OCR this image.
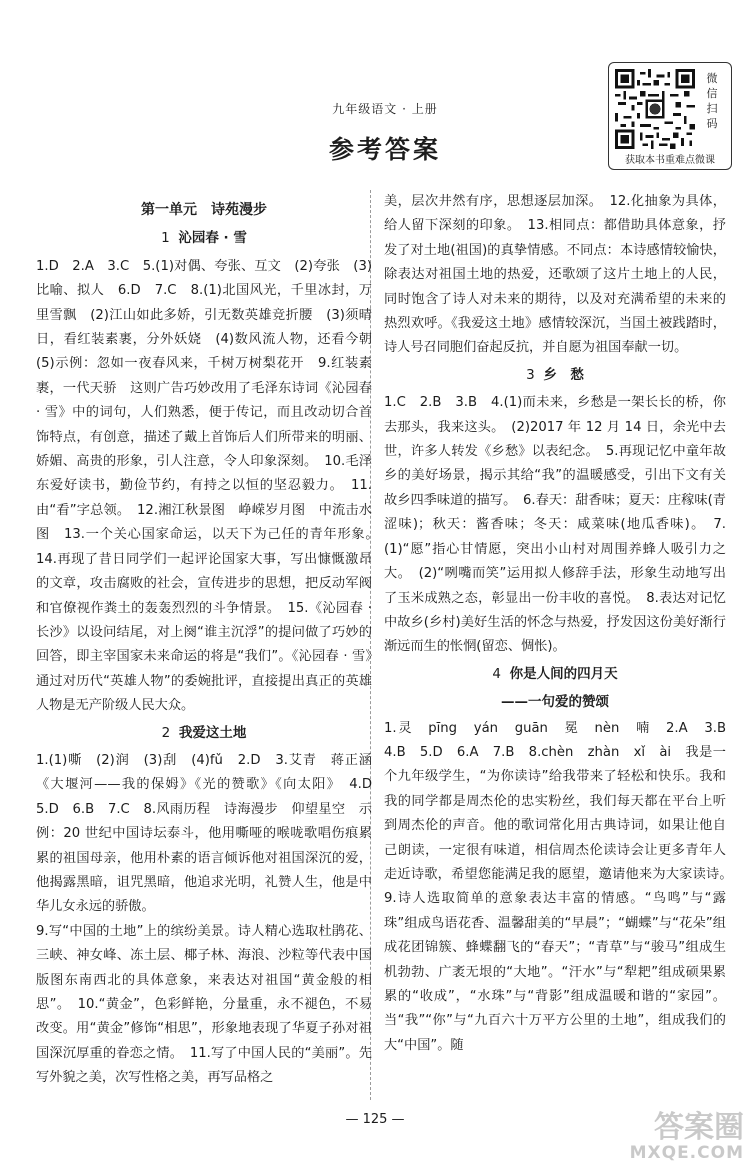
九年级语文 · 上册
参考答案
微
信
扫
码
获取本书重难点微课
第一单元　诗苑漫步
1 沁园春 · 雪

1.D　2.A　3.C　5.(1)对偶、夸张、互文　(2)夸张　(3)比喻、拟人　6.D　7.C　8.(1)北国风光，千里冰封，万里雪飘　(2)江山如此多娇，引无数英雄竞折腰　(3)须晴日，看红装素裹，分外妖娆　(4)数风流人物，还看今朝　(5)示例：忽如一夜春风来，千树万树梨花开　9.红装素裹，一代天骄　这则广告巧妙改用了毛泽东诗词《沁园春 · 雪》中的词句，人们熟悉，便于传记，而且改动切合首饰特点，有创意，描述了戴上首饰后人们所带来的明丽、娇媚、高贵的形象，引人注意，令人印象深刻。　10.毛泽东爱好读书，勤俭节约，有持之以恒的坚忍毅力。　11.由“看”字总领。　12.湘江秋景图　峥嵘岁月图　中流击水图　13.一个关心国家命运，以天下为己任的青年形象。　14.再现了昔日同学们一起评论国家大事，写出慷慨激昂的文章，攻击腐败的社会，宣传进步的思想，把反动军阀和官僚视作粪土的轰轰烈烈的斗争情景。　15.《沁园春 · 长沙》以设问结尾，对上阕“谁主沉浮”的提问做了巧妙的回答，即主宰国家未来命运的将是“我们”。《沁园春 · 雪》通过对历代“英雄人物”的委婉批评，直接提出真正的英雄人物是无产阶级人民大众。

2 我爱这土地

1.(1)嘶　(2)润　(3)刮　(4)fǔ　2.D　3.艾青　蒋正涵　《大堰河——我的保姆》《光的赞歌》《向太阳》　4.D　5.D　6.B　7.C　8.风雨历程　诗海漫步　仰望星空　示例：20 世纪中国诗坛泰斗，他用嘶哑的喉咙歌唱伤痕累累的祖国母亲，他用朴素的语言倾诉他对祖国深沉的爱，他揭露黑暗，诅咒黑暗，他追求光明，礼赞人生，他是中华儿女永远的骄傲。

9.写“中国的土地”上的缤纷美景。诗人精心选取杜鹃花、三峡、神女峰、冻土层、椰子林、海浪、沙粒等代表中国版图东南西北的具体意象，来表达对祖国“黄金般的相思”。　10.“黄金”，色彩鲜艳，分量重，永不褪色，不易改变。用“黄金”修饰“相思”，形象地表现了华夏子孙对祖国深沉厚重的眷恋之情。　11.写了中国人民的“美丽”。先写外貌之美，次写性格之美，再写品格之

美，层次井然有序，思想逐层加深。　12.化抽象为具体，给人留下深刻的印象。　13.相同点：都借助具体意象，抒发了对土地(祖国)的真挚情感。不同点：本诗感情较愉快，除表达对祖国土地的热爱，还歌颂了这片土地上的人民，同时饱含了诗人对未来的期待，以及对充满希望的未来的热烈欢呼。《我爱这土地》感情较深沉，当国土被践踏时，诗人号召同胞们奋起反抗，并自愿为祖国奉献一切。

3 乡　愁

1.C　2.B　3.B　4.(1)而未来，乡愁是一架长长的桥，你去那头，我来这头。　(2)2017 年 12 月 14 日，余光中去世，许多人转发《乡愁》以表纪念。　5.再现记忆中童年故乡的美好场景，揭示其给“我”的温暖感受，引出下文有关故乡四季味道的描写。　6.春天：甜香味；夏天：庄稼味(青涩味)；秋天：酱香味；冬天：咸菜味(地瓜香味)。　7.(1)“愿”指心甘情愿，突出小山村对周围养蜂人吸引力之大。　(2)“咧嘴而笑”运用拟人修辞手法，形象生动地写出了玉米成熟之态，彰显出一份丰收的喜悦。　8.表达对记忆中故乡(乡村)美好生活的怀念与热爱，抒发因这份美好渐行渐远而生的怅惘(留恋、惆怅)。

4 你是人间的四月天
——一句爱的赞颂

1.灵　pīng　yán　guān　冕　nèn　喃　2.A　3.B　4.B　5.D　6.A　7.B　8.chèn　zhàn　xǐ　ài　我是一个九年级学生，“为你读诗”给我带来了轻松和快乐。我和我的同学都是周杰伦的忠实粉丝，我们每天都在平台上听到周杰伦的声音。他的歌词常化用古典诗词，如果让他自己朗读，一定很有味道，相信周杰伦读诗会让更多青年人走近诗歌，希望您能满足我的愿望，邀请他来为大家读诗。　9.诗人选取简单的意象表达丰富的情感。“鸟鸣”与“露珠”组成鸟语花香、温馨甜美的“早晨”；“蝴蝶”与“花朵”组成花团锦簇、蜂蝶翻飞的“春天”；“青草”与“骏马”组成生机勃勃、广袤无垠的“大地”。“汗水”与“犁耙”组成硕果累累的“收成”，“水珠”与“背影”组成温暖和谐的“家园”。当“我”“你”与“九百六十万平方公里的土地”，组成我们的大“中国”。随

— 125 —	答案圈
MXQE.COM
